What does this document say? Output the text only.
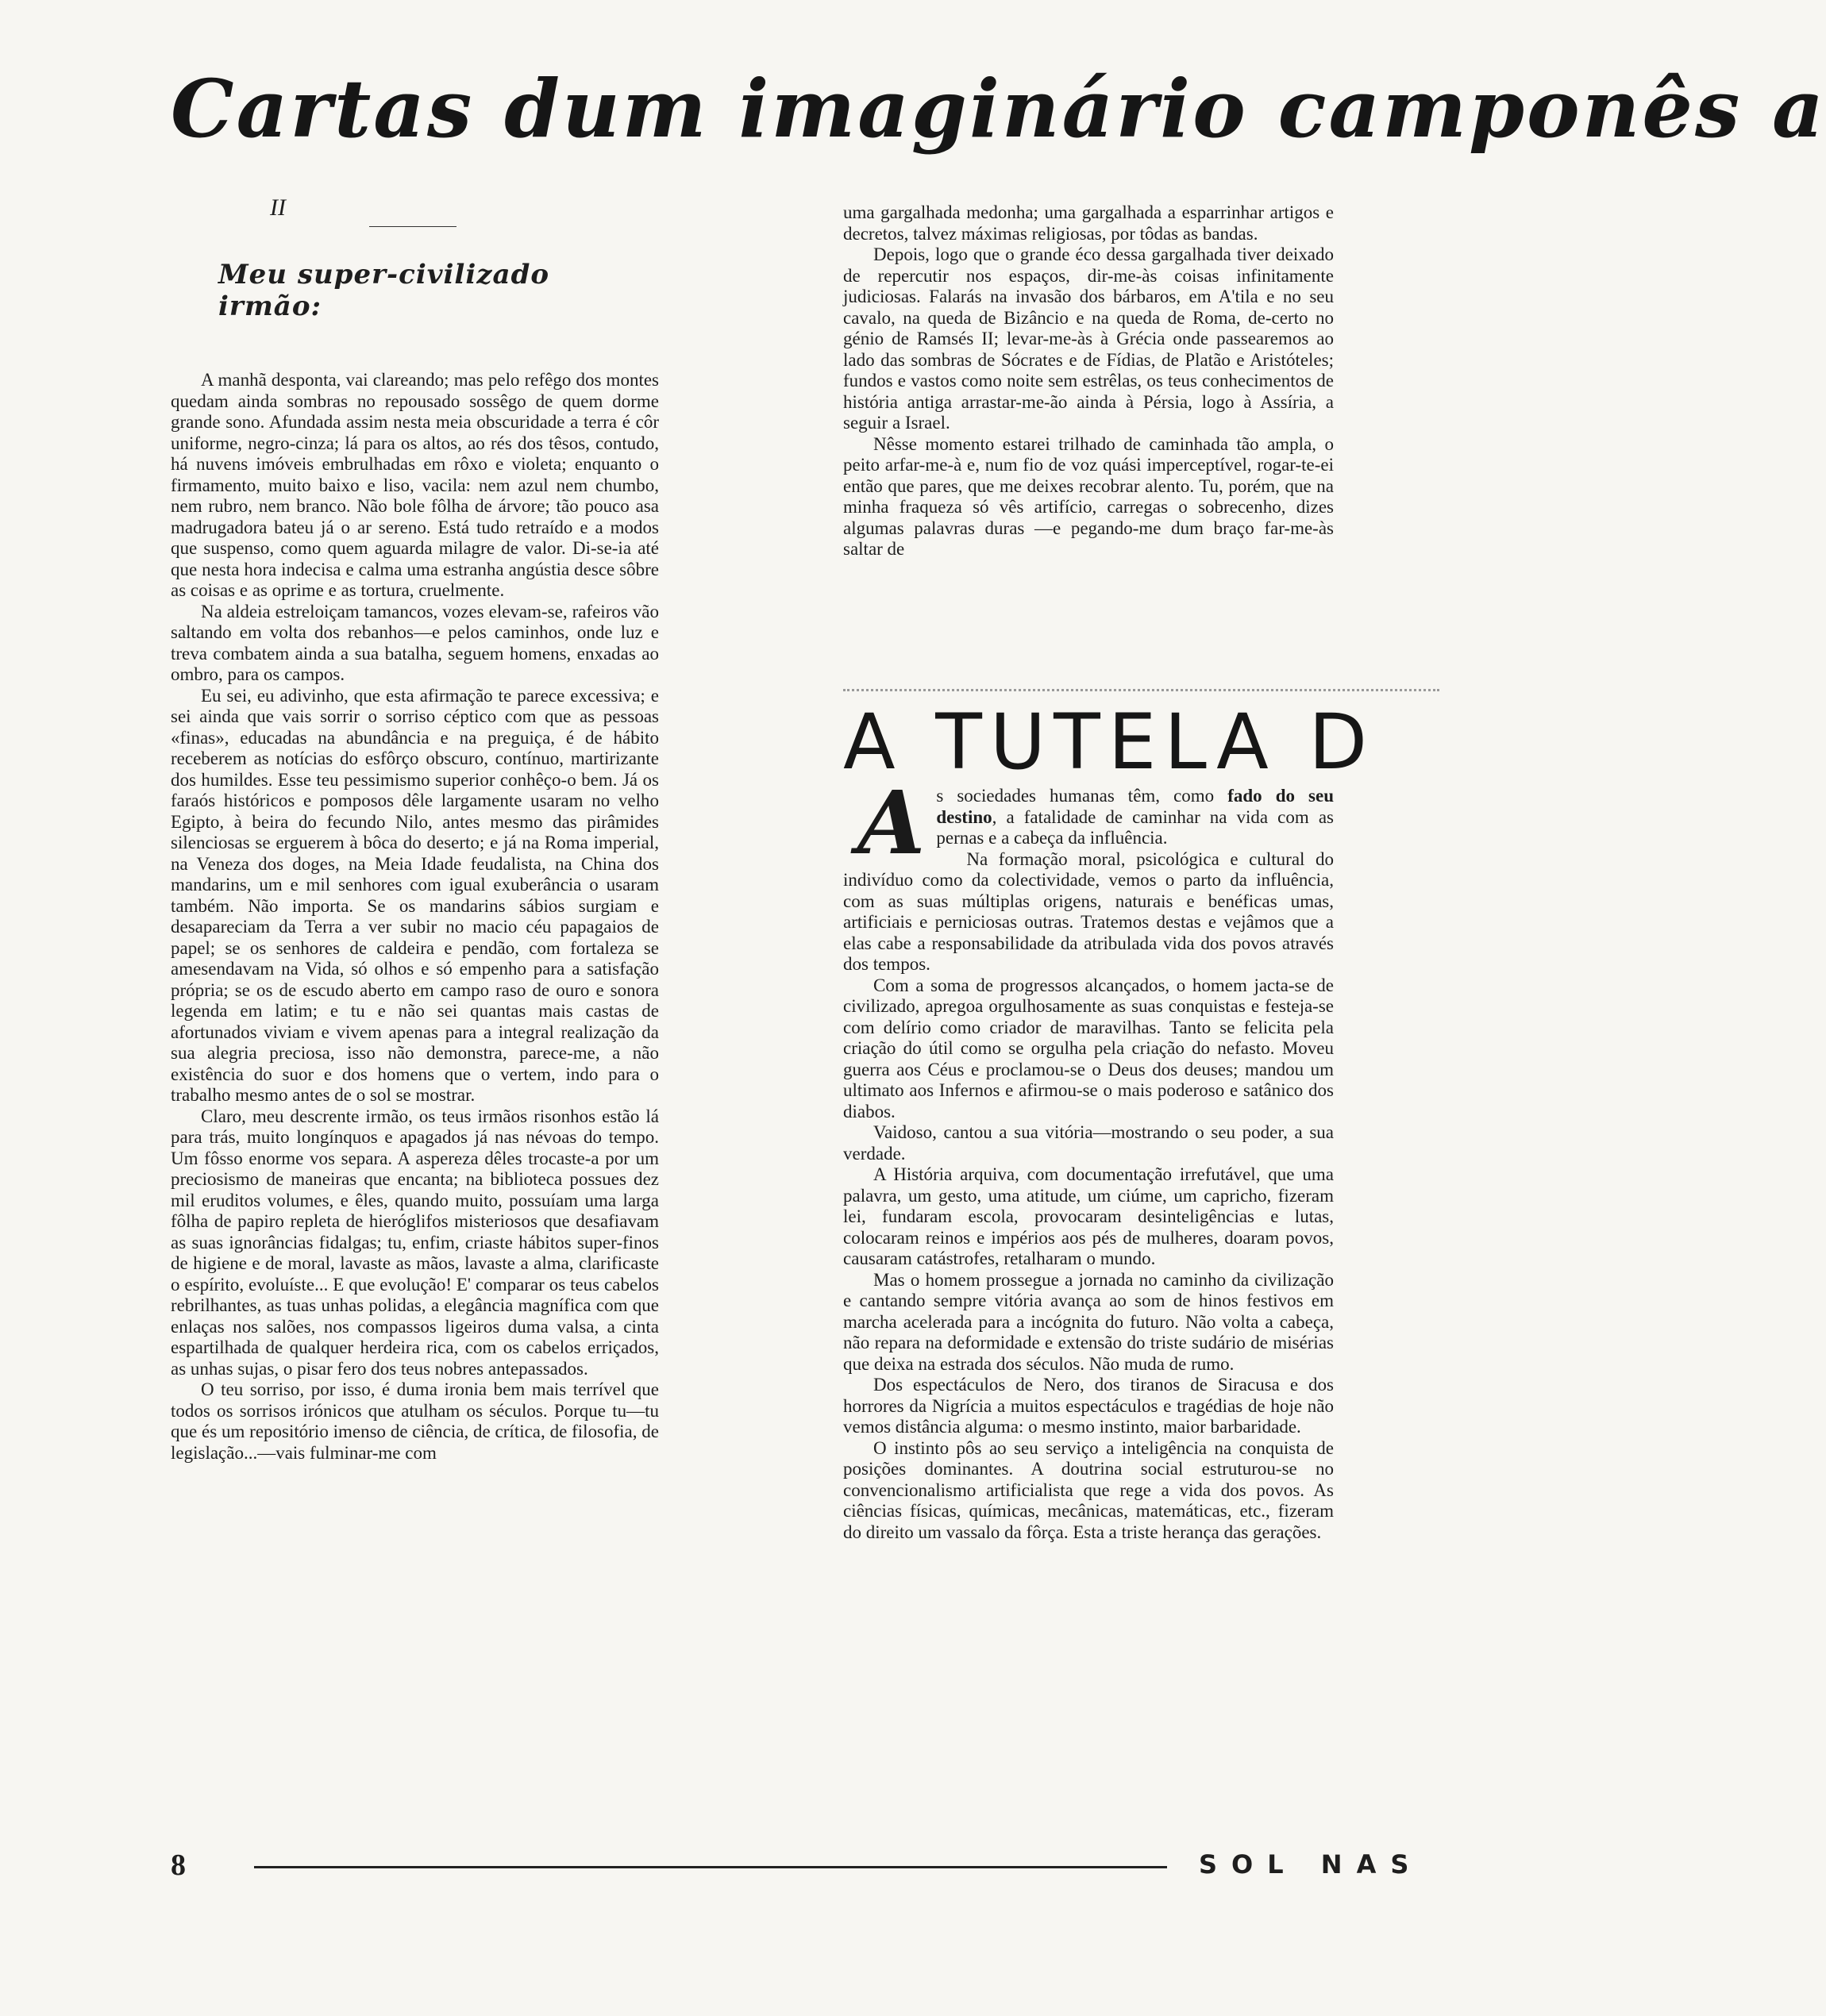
Cartas dum imaginário camponês a
II
Meu super-civilizado irmão:

A manhã desponta, vai clareando; mas pelo refêgo dos montes quedam ainda sombras no repousado sossêgo de quem dorme grande sono. Afundada assim nesta meia obscuridade a terra é côr uniforme, negro-cinza; lá para os altos, ao rés dos têsos, contudo, há nuvens imóveis embrulhadas em rôxo e violeta; enquanto o firmamento, muito baixo e liso, vacila: nem azul nem chumbo, nem rubro, nem branco. Não bole fôlha de árvore; tão pouco asa madrugadora bateu já o ar sereno. Está tudo retraído e a modos que suspenso, como quem aguarda milagre de valor. Di-se-ia até que nesta hora indecisa e calma uma estranha angústia desce sôbre as coisas e as oprime e as tortura, cruelmente.

Na aldeia estreloiçam tamancos, vozes elevam-se, rafeiros vão saltando em volta dos rebanhos—e pelos caminhos, onde luz e treva combatem ainda a sua batalha, seguem homens, enxadas ao ombro, para os campos.

Eu sei, eu adivinho, que esta afirmação te parece excessiva; e sei ainda que vais sorrir o sorriso céptico com que as pessoas «finas», educadas na abundância e na preguiça, é de hábito receberem as notícias do esfôrço obscuro, contínuo, martirizante dos humildes. Esse teu pessimismo superior conhêço-o bem. Já os faraós históricos e pomposos dêle largamente usaram no velho Egipto, à beira do fecundo Nilo, antes mesmo das pirâmides silenciosas se erguerem à bôca do deserto; e já na Roma imperial, na Veneza dos doges, na Meia Idade feudalista, na China dos mandarins, um e mil senhores com igual exuberância o usaram também. Não importa. Se os mandarins sábios surgiam e desapareciam da Terra a ver subir no macio céu papagaios de papel; se os senhores de caldeira e pendão, com fortaleza se amesendavam na Vida, só olhos e só empenho para a satisfação própria; se os de escudo aberto em campo raso de ouro e sonora legenda em latim; e tu e não sei quantas mais castas de afortunados viviam e vivem apenas para a integral realização da sua alegria preciosa, isso não demonstra, parece-me, a não existência do suor e dos homens que o vertem, indo para o trabalho mesmo antes de o sol se mostrar.

Claro, meu descrente irmão, os teus irmãos risonhos estão lá para trás, muito longínquos e apagados já nas névoas do tempo. Um fôsso enorme vos separa. A aspereza dêles trocaste-a por um preciosismo de maneiras que encanta; na biblioteca possues dez mil eruditos volumes, e êles, quando muito, possuíam uma larga fôlha de papiro repleta de hieróglifos misteriosos que desafiavam as suas ignorâncias fidalgas; tu, enfim, criaste hábitos super-finos de higiene e de moral, lavaste as mãos, lavaste a alma, clarificaste o espírito, evoluíste... E que evolução! E' comparar os teus cabelos rebrilhantes, as tuas unhas polidas, a elegância magnífica com que enlaças nos salões, nos compassos ligeiros duma valsa, a cinta espartilhada de qualquer herdeira rica, com os cabelos erriçados, as unhas sujas, o pisar fero dos teus nobres antepassados.

O teu sorriso, por isso, é duma ironia bem mais terrível que todos os sorrisos irónicos que atulham os séculos. Porque tu—tu que és um repositório imenso de ciência, de crítica, de filosofia, de legislação...—vais fulminar-me com

uma gargalhada medonha; uma gargalhada a esparrinhar artigos e decretos, talvez máximas religiosas, por tôdas as bandas.

Depois, logo que o grande éco dessa gargalhada tiver deixado de repercutir nos espaços, dir-me-às coisas infinitamente judiciosas. Falarás na invasão dos bárbaros, em A'tila e no seu cavalo, na queda de Bizâncio e na queda de Roma, de-certo no génio de Ramsés II; levar-me-às à Grécia onde passearemos ao lado das sombras de Sócrates e de Fídias, de Platão e Aristóteles; fundos e vastos como noite sem estrêlas, os teus conhecimentos de história antiga arrastar-me-ão ainda à Pérsia, logo à Assíria, a seguir a Israel.

Nêsse momento estarei trilhado de caminhada tão ampla, o peito arfar-me-à e, num fio de voz quási imperceptível, rogar-te-ei então que pares, que me deixes recobrar alento. Tu, porém, que na minha fraqueza só vês artifício, carregas o sobrecenho, dizes algumas palavras duras —e pegando-me dum braço far-me-às saltar de

A TUTELA D

As sociedades humanas têm, como fado do seu destino, a fatalidade de caminhar na vida com as pernas e a cabeça da influência.

Na formação moral, psicológica e cultural do indivíduo como da colectividade, vemos o parto da influência, com as suas múltiplas origens, naturais e benéficas umas, artificiais e perniciosas outras. Tratemos destas e vejâmos que a elas cabe a responsabilidade da atribulada vida dos povos através dos tempos.

Com a soma de progressos alcançados, o homem jacta-se de civilizado, apregoa orgulhosamente as suas conquistas e festeja-se com delírio como criador de maravilhas. Tanto se felicita pela criação do útil como se orgulha pela criação do nefasto. Moveu guerra aos Céus e proclamou-se o Deus dos deuses; mandou um ultimato aos Infernos e afirmou-se o mais poderoso e satânico dos diabos.

Vaidoso, cantou a sua vitória—mostrando o seu poder, a sua verdade.

A História arquiva, com documentação irrefutável, que uma palavra, um gesto, uma atitude, um ciúme, um capricho, fizeram lei, fundaram escola, provocaram desinteligências e lutas, colocaram reinos e impérios aos pés de mulheres, doaram povos, causaram catástrofes, retalharam o mundo.

Mas o homem prossegue a jornada no caminho da civilização e cantando sempre vitória avança ao som de hinos festivos em marcha acelerada para a incógnita do futuro. Não volta a cabeça, não repara na deformidade e extensão do triste sudário de misérias que deixa na estrada dos séculos. Não muda de rumo.

Dos espectáculos de Nero, dos tiranos de Siracusa e dos horrores da Nigrícia a muitos espectáculos e tragédias de hoje não vemos distância alguma: o mesmo instinto, maior barbaridade.

O instinto pôs ao seu serviço a inteligência na conquista de posições dominantes. A doutrina social estruturou-se no convencionalismo artificialista que rege a vida dos povos. As ciências físicas, químicas, mecânicas, matemáticas, etc., fizeram do direito um vassalo da fôrça. Esta a triste herança das gerações.

8	SOL NAS
